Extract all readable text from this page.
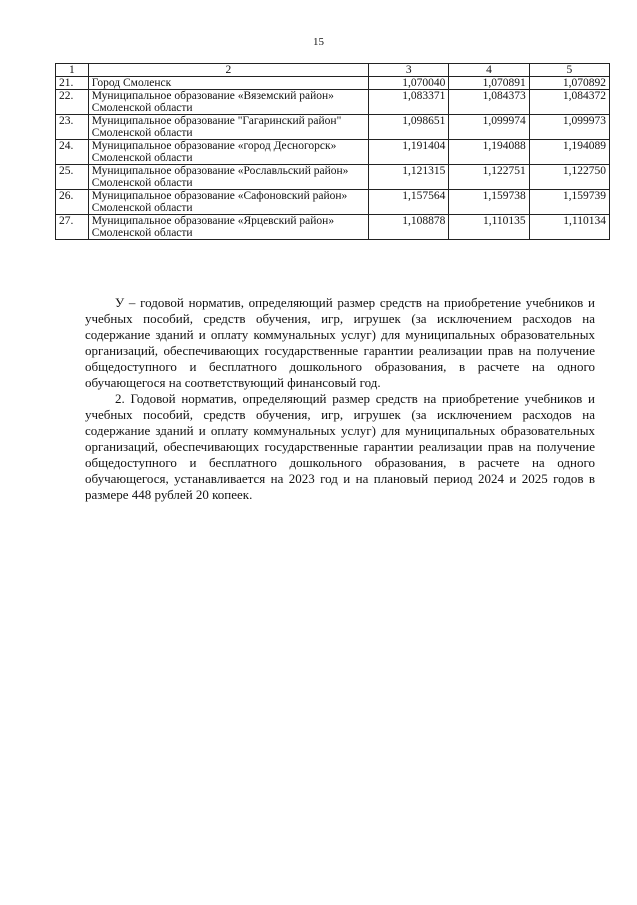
15
1	2	3	4	5
21.	Город Смоленск	1,070040	1,070891	1,070892
22.	Муниципальное образование «Вяземский район» Смоленской области	1,083371	1,084373	1,084372
23.	Муниципальное образование "Гагаринский район" Смоленской области	1,098651	1,099974	1,099973
24.	Муниципальное образование «город Десногорск» Смоленской области	1,191404	1,194088	1,194089
25.	Муниципальное образование «Рославльский район» Смоленской области	1,121315	1,122751	1,122750
26.	Муниципальное образование «Сафоновский район» Смоленской области	1,157564	1,159738	1,159739
27.	Муниципальное образование «Ярцевский район» Смоленской области	1,108878	1,110135	1,110134

У – годовой норматив, определяющий размер средств на приобретение учебников и учебных пособий, средств обучения, игр, игрушек (за исключением расходов на содержание зданий и оплату коммунальных услуг) для муниципальных образовательных организаций, обеспечивающих государственные гарантии реализации прав на получение общедоступного и бесплатного дошкольного образования, в расчете на одного обучающегося на соответствующий финансовый год.

2. Годовой норматив, определяющий размер средств на приобретение учебников и учебных пособий, средств обучения, игр, игрушек (за исключением расходов на содержание зданий и оплату коммунальных услуг) для муниципальных образовательных организаций, обеспечивающих государственные гарантии реализации прав на получение общедоступного и бесплатного дошкольного образования, в расчете на одного обучающегося, устанавливается на 2023 год и на плановый период 2024 и 2025 годов в размере 448 рублей 20 копеек.
